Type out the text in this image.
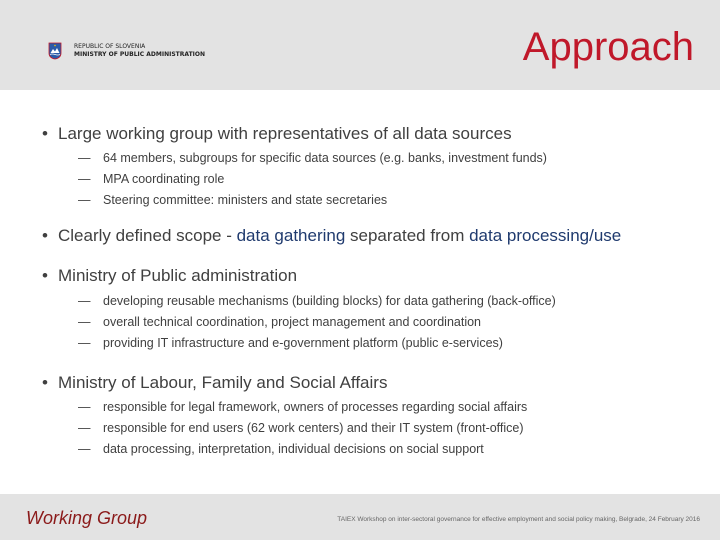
REPUBLIC OF SLOVENIA
MINISTRY OF PUBLIC ADMINISTRATION	Approach
• Large working group with representatives of all data sources
— 64 members, subgroups for specific data sources (e.g. banks, investment funds)
— MPA coordinating role
— Steering committee: ministers and state secretaries
• Clearly defined scope - data gathering separated from data processing/use
• Ministry of Public administration
— developing reusable mechanisms (building blocks) for data gathering (back-office)
— overall technical coordination, project management and coordination
— providing IT infrastructure and e-government platform (public e-services)
• Ministry of Labour, Family and Social Affairs
— responsible for legal framework, owners of processes regarding social affairs
— responsible for end users (62 work centers) and their IT system (front-office)
— data processing, interpretation, individual decisions on social support
Working Group	TAIEX Workshop on inter-sectoral governance for effective employment and social policy making, Belgrade, 24 February 2016
